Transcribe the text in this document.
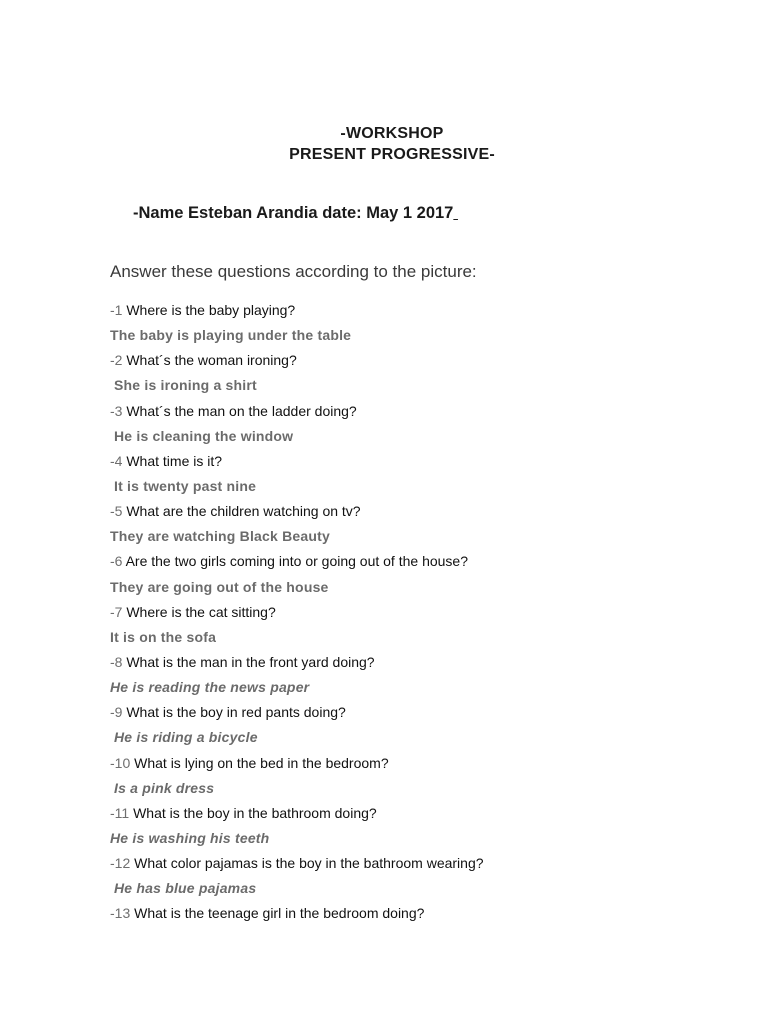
-WORKSHOP
PRESENT PROGRESSIVE-
-Name Esteban Arandia date: May 1 2017
Answer these questions according to the picture:
-1 Where is the baby playing?
The baby is playing under the table
-2 What´s the woman ironing?
She is ironing a shirt
-3 What´s the man on the ladder doing?
He is cleaning the window
-4 What time is it?
It is twenty past nine
-5 What are the children watching on tv?
They are watching Black Beauty
-6 Are the two girls coming into or going out of the house?
They are going out of the house
-7 Where is the cat sitting?
It is on the sofa
-8 What is the man in the front yard doing?
He is reading the news paper
-9 What is the boy in red pants doing?
He is riding a bicycle
-10 What is lying on the bed in the bedroom?
Is a pink dress
-11 What is the boy in the bathroom doing?
He is washing his teeth
-12 What color pajamas is the boy in the bathroom wearing?
He has blue pajamas
-13 What is the teenage girl in the bedroom doing?
